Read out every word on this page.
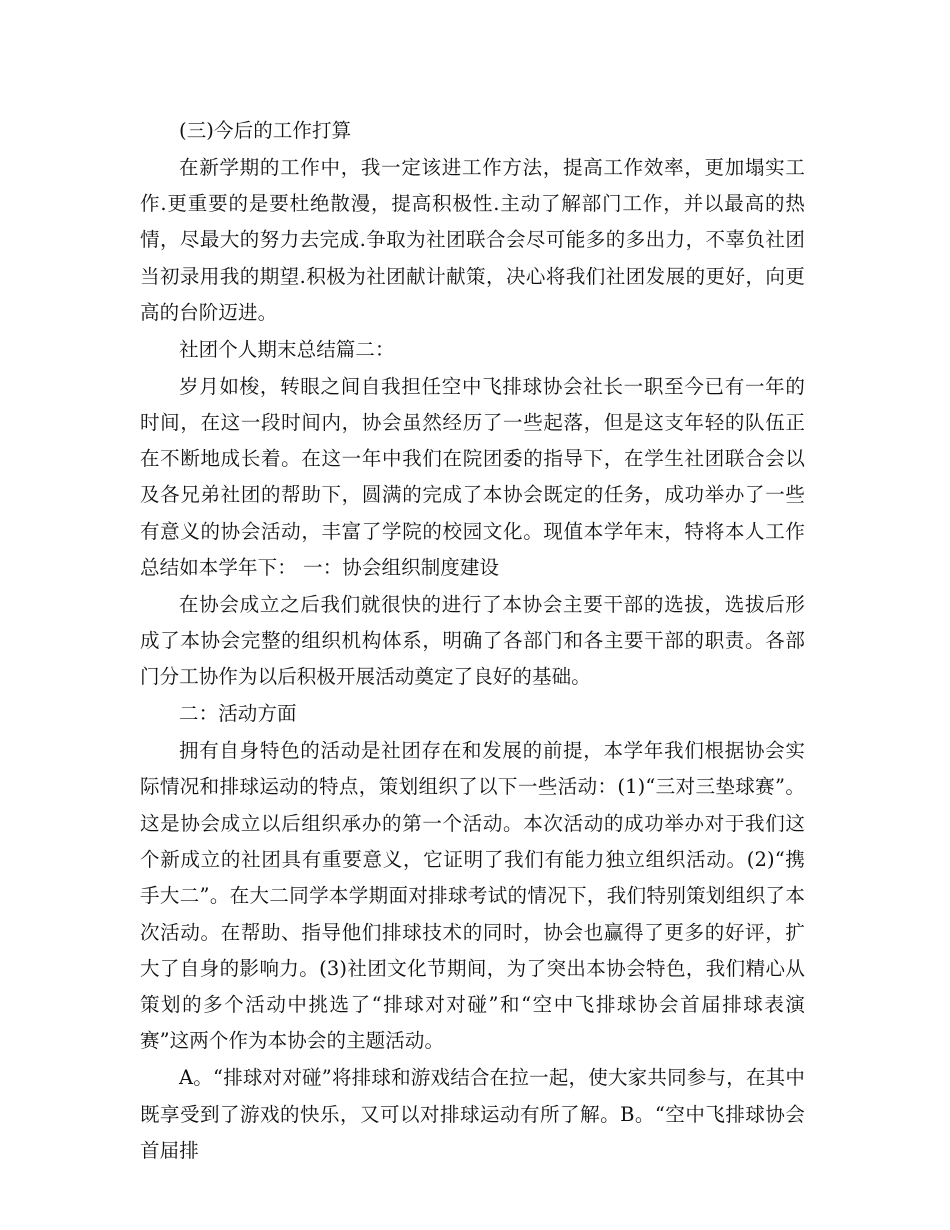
(三)今后的工作打算

在新学期的工作中，我一定该进工作方法，提高工作效率，更加塌实工作.更重要的是要杜绝散漫，提高积极性.主动了解部门工作，并以最高的热情，尽最大的努力去完成.争取为社团联合会尽可能多的多出力，不辜负社团当初录用我的期望.积极为社团献计献策，决心将我们社团发展的更好，向更高的台阶迈进。

社团个人期末总结篇二：

岁月如梭，转眼之间自我担任空中飞排球协会社长一职至今已有一年的时间，在这一段时间内，协会虽然经历了一些起落，但是这支年轻的队伍正在不断地成长着。在这一年中我们在院团委的指导下，在学生社团联合会以及各兄弟社团的帮助下，圆满的完成了本协会既定的任务，成功举办了一些有意义的协会活动，丰富了学院的校园文化。现值本学年末，特将本人工作总结如本学年下： 一：协会组织制度建设

在协会成立之后我们就很快的进行了本协会主要干部的选拔，选拔后形成了本协会完整的组织机构体系，明确了各部门和各主要干部的职责。各部门分工协作为以后积极开展活动奠定了良好的基础。

二：活动方面

拥有自身特色的活动是社团存在和发展的前提，本学年我们根据协会实际情况和排球运动的特点，策划组织了以下一些活动：(1)“三对三垫球赛”。这是协会成立以后组织承办的第一个活动。本次活动的成功举办对于我们这个新成立的社团具有重要意义，它证明了我们有能力独立组织活动。(2)“携手大二”。在大二同学本学期面对排球考试的情况下，我们特别策划组织了本次活动。在帮助、指导他们排球技术的同时，协会也赢得了更多的好评，扩大了自身的影响力。(3)社团文化节期间，为了突出本协会特色，我们精心从策划的多个活动中挑选了“排球对对碰”和“空中飞排球协会首届排球表演赛”这两个作为本协会的主题活动。

A。“排球对对碰”将排球和游戏结合在拉一起，使大家共同参与，在其中既享受到了游戏的快乐，又可以对排球运动有所了解。B。“空中飞排球协会首届排
